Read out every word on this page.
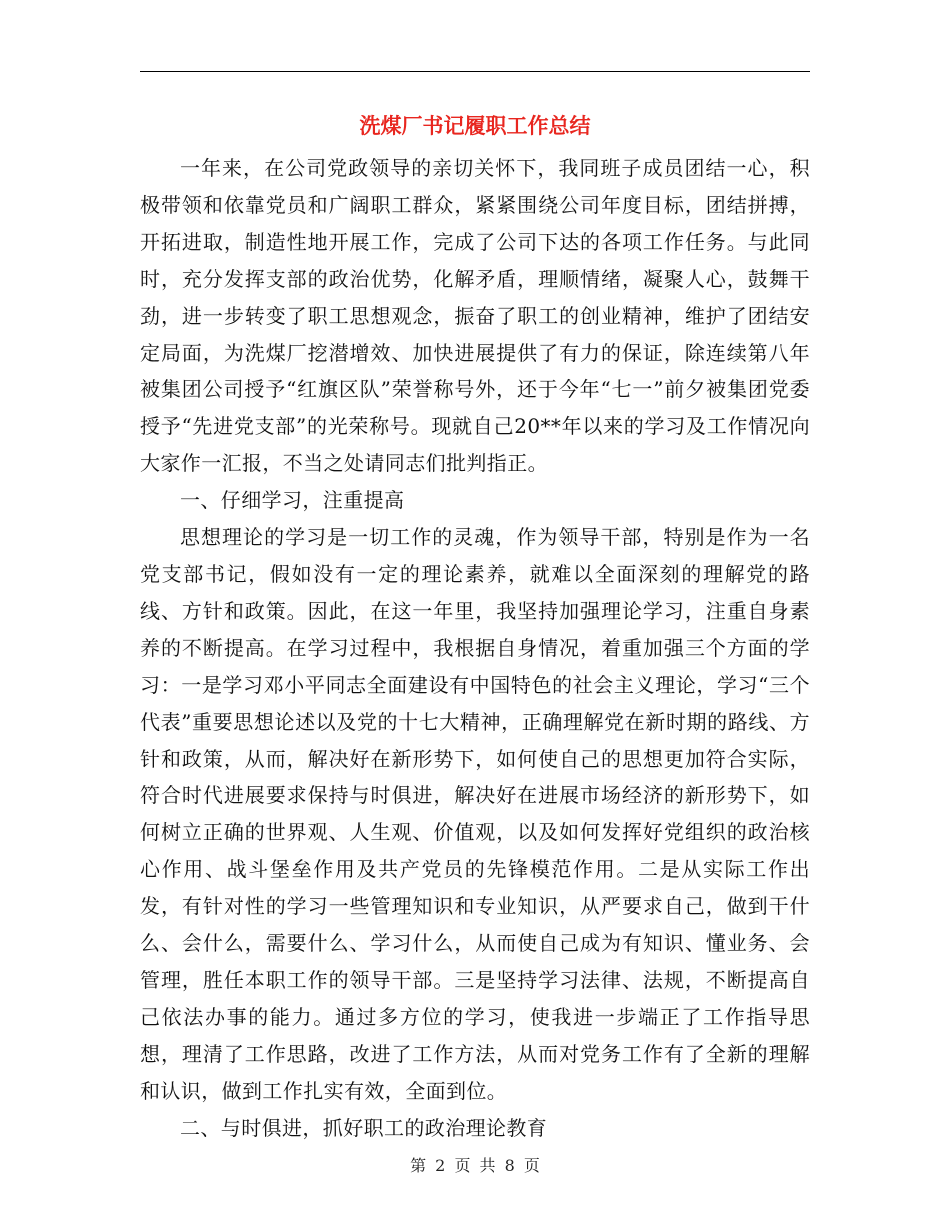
洗煤厂书记履职工作总结

一年来，在公司党政领导的亲切关怀下，我同班子成员团结一心，积极带领和依靠党员和广阔职工群众，紧紧围绕公司年度目标，团结拼搏，开拓进取，制造性地开展工作，完成了公司下达的各项工作任务。与此同时，充分发挥支部的政治优势，化解矛盾，理顺情绪，凝聚人心，鼓舞干劲，进一步转变了职工思想观念，振奋了职工的创业精神，维护了团结安定局面，为洗煤厂挖潜增效、加快进展提供了有力的保证，除连续第八年被集团公司授予“红旗区队”荣誉称号外，还于今年“七一”前夕被集团党委授予“先进党支部”的光荣称号。现就自己20**年以来的学习及工作情况向大家作一汇报，不当之处请同志们批判指正。

一、仔细学习，注重提高

思想理论的学习是一切工作的灵魂，作为领导干部，特别是作为一名党支部书记，假如没有一定的理论素养，就难以全面深刻的理解党的路线、方针和政策。因此，在这一年里，我坚持加强理论学习，注重自身素养的不断提高。在学习过程中，我根据自身情况，着重加强三个方面的学习：一是学习邓小平同志全面建设有中国特色的社会主义理论，学习“三个代表”重要思想论述以及党的十七大精神，正确理解党在新时期的路线、方针和政策，从而，解决好在新形势下，如何使自己的思想更加符合实际，符合时代进展要求保持与时俱进，解决好在进展市场经济的新形势下，如何树立正确的世界观、人生观、价值观，以及如何发挥好党组织的政治核心作用、战斗堡垒作用及共产党员的先锋模范作用。二是从实际工作出发，有针对性的学习一些管理知识和专业知识，从严要求自己，做到干什么、会什么，需要什么、学习什么，从而使自己成为有知识、懂业务、会管理，胜任本职工作的领导干部。三是坚持学习法律、法规，不断提高自己依法办事的能力。通过多方位的学习，使我进一步端正了工作指导思想，理清了工作思路，改进了工作方法，从而对党务工作有了全新的理解和认识，做到工作扎实有效，全面到位。

二、与时俱进，抓好职工的政治理论教育

第 2 页 共 8 页
